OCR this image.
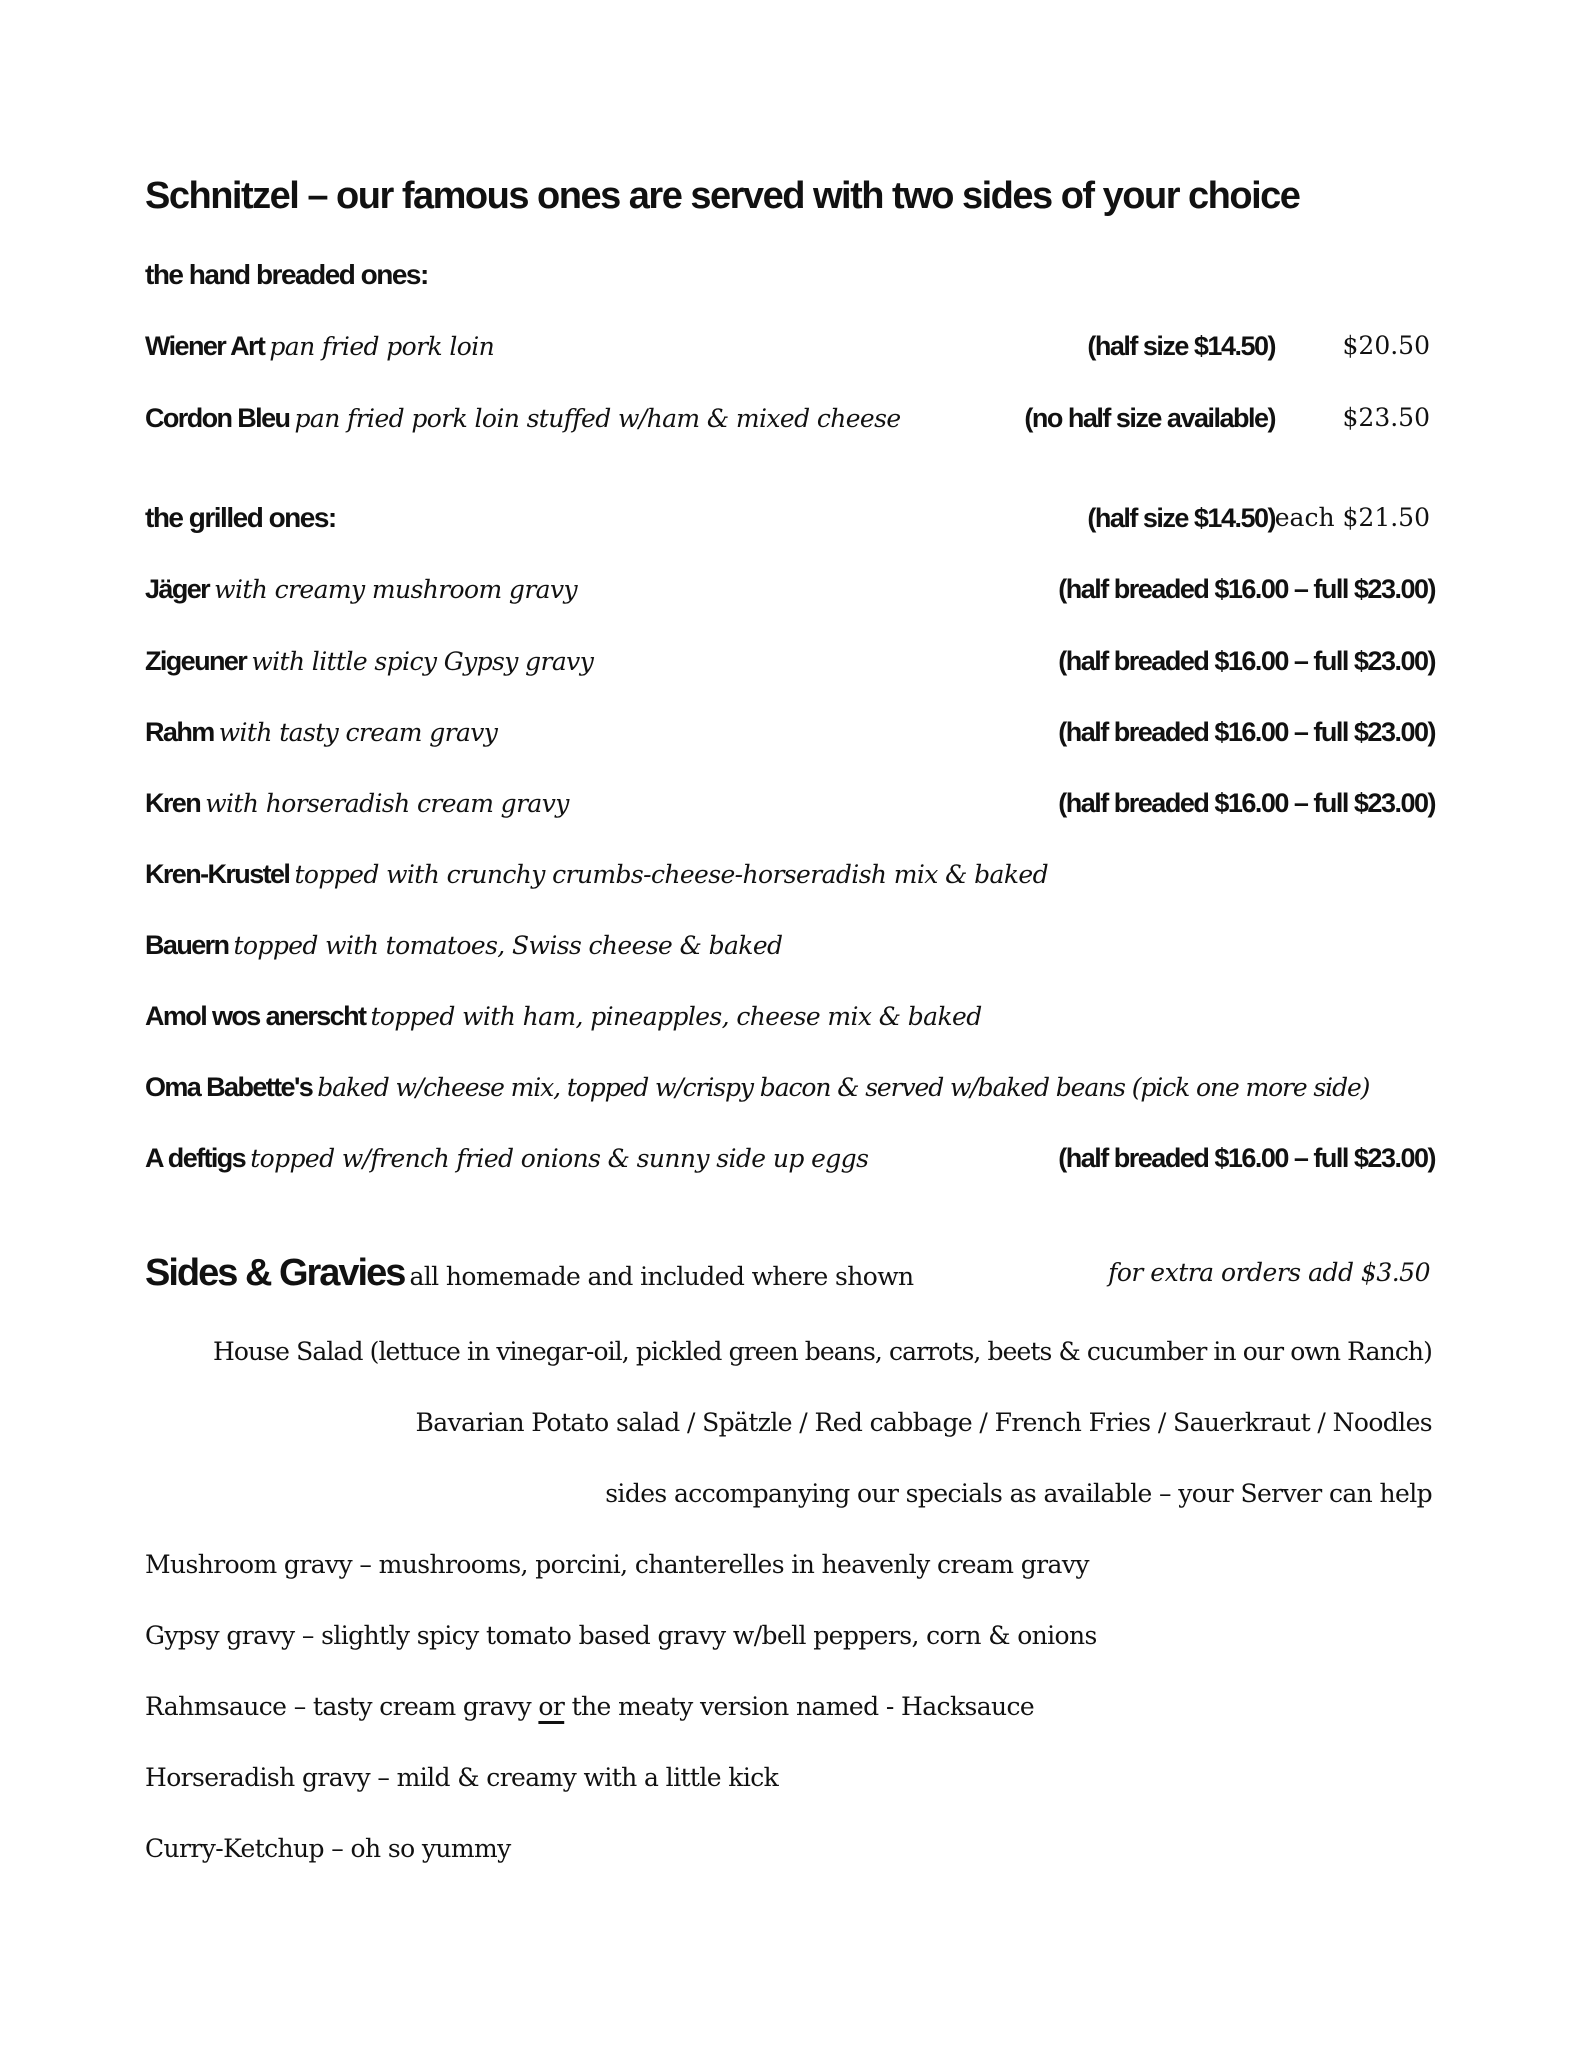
Schnitzel – our famous ones are served with two sides of your choice
the hand breaded ones:
Wiener Art pan fried pork loin	(half size $14.50)	$20.50
Cordon Bleu pan fried pork loin stuffed w/ham & mixed cheese	(no half size available)	$23.50
the grilled ones:	(half size $14.50) each $21.50
Jäger with creamy mushroom gravy	(half breaded $16.00 – full $23.00)
Zigeuner with little spicy Gypsy gravy	(half breaded $16.00 – full $23.00)
Rahm with tasty cream gravy	(half breaded $16.00 – full $23.00)
Kren with horseradish cream gravy	(half breaded $16.00 – full $23.00)
Kren-Krustel topped with crunchy crumbs-cheese-horseradish mix & baked
Bauern topped with tomatoes, Swiss cheese & baked
Amol wos anerscht topped with ham, pineapples, cheese mix & baked
Oma Babette's baked w/cheese mix, topped w/crispy bacon & served w/baked beans (pick one more side)
A deftigs topped w/french fried onions & sunny side up eggs	(half breaded $16.00 – full $23.00)
Sides & Gravies all homemade and included where shown	for extra orders add $3.50
House Salad (lettuce in vinegar-oil, pickled green beans, carrots, beets & cucumber in our own Ranch)
Bavarian Potato salad / Spätzle / Red cabbage / French Fries / Sauerkraut / Noodles
sides accompanying our specials as available – your Server can help
Mushroom gravy – mushrooms, porcini, chanterelles in heavenly cream gravy
Gypsy gravy – slightly spicy tomato based gravy w/bell peppers, corn & onions
Rahmsauce – tasty cream gravy or the meaty version named - Hacksauce
Horseradish gravy – mild & creamy with a little kick
Curry-Ketchup – oh so yummy
